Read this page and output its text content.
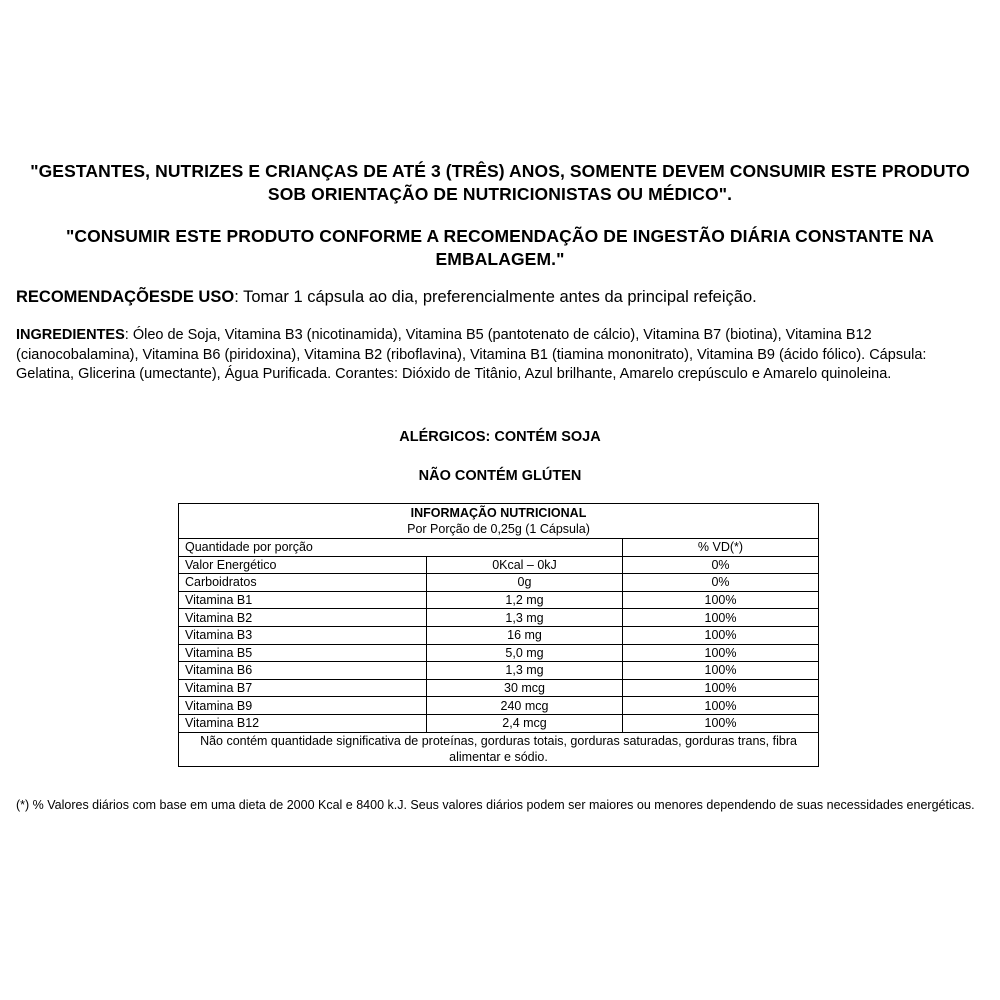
"GESTANTES, NUTRIZES E CRIANÇAS DE ATÉ 3 (TRÊS) ANOS, SOMENTE DEVEM CONSUMIR ESTE PRODUTO SOB ORIENTAÇÃO DE NUTRICIONISTAS OU MÉDICO".
"CONSUMIR ESTE PRODUTO CONFORME A RECOMENDAÇÃO DE INGESTÃO DIÁRIA CONSTANTE NA EMBALAGEM."
RECOMENDAÇÕESDE USO: Tomar 1 cápsula ao dia, preferencialmente antes da principal refeição.
INGREDIENTES: Óleo de Soja, Vitamina B3 (nicotinamida), Vitamina B5 (pantotenato de cálcio), Vitamina B7 (biotina), Vitamina B12 (cianocobalamina), Vitamina B6 (piridoxina), Vitamina B2 (riboflavina), Vitamina B1 (tiamina mononitrato), Vitamina B9 (ácido fólico). Cápsula: Gelatina, Glicerina (umectante), Água Purificada. Corantes: Dióxido de Titânio, Azul brilhante, Amarelo crepúsculo e Amarelo quinoleina.
ALÉRGICOS: CONTÉM SOJA
NÃO CONTÉM GLÚTEN
INFORMAÇÃO NUTRICIONAL
Por Porção de 0,25g (1 Cápsula)		

Quantidade por porção		% VD(*)
Valor Energético	0Kcal – 0kJ	0%
Carboidratos	0g	0%
Vitamina B1	1,2 mg	100%
Vitamina B2	1,3 mg	100%
Vitamina B3	16 mg	100%
Vitamina B5	5,0 mg	100%
Vitamina B6	1,3 mg	100%
Vitamina B7	30 mcg	100%
Vitamina B9	240 mcg	100%
Vitamina B12	2,4 mcg	100%
Não contém quantidade significativa de proteínas, gorduras totais, gorduras saturadas, gorduras trans, fibra alimentar e sódio.		
(*) % Valores diários com base em uma dieta de 2000 Kcal e 8400 k.J. Seus valores diários podem ser maiores ou menores dependendo de suas necessidades energéticas.
